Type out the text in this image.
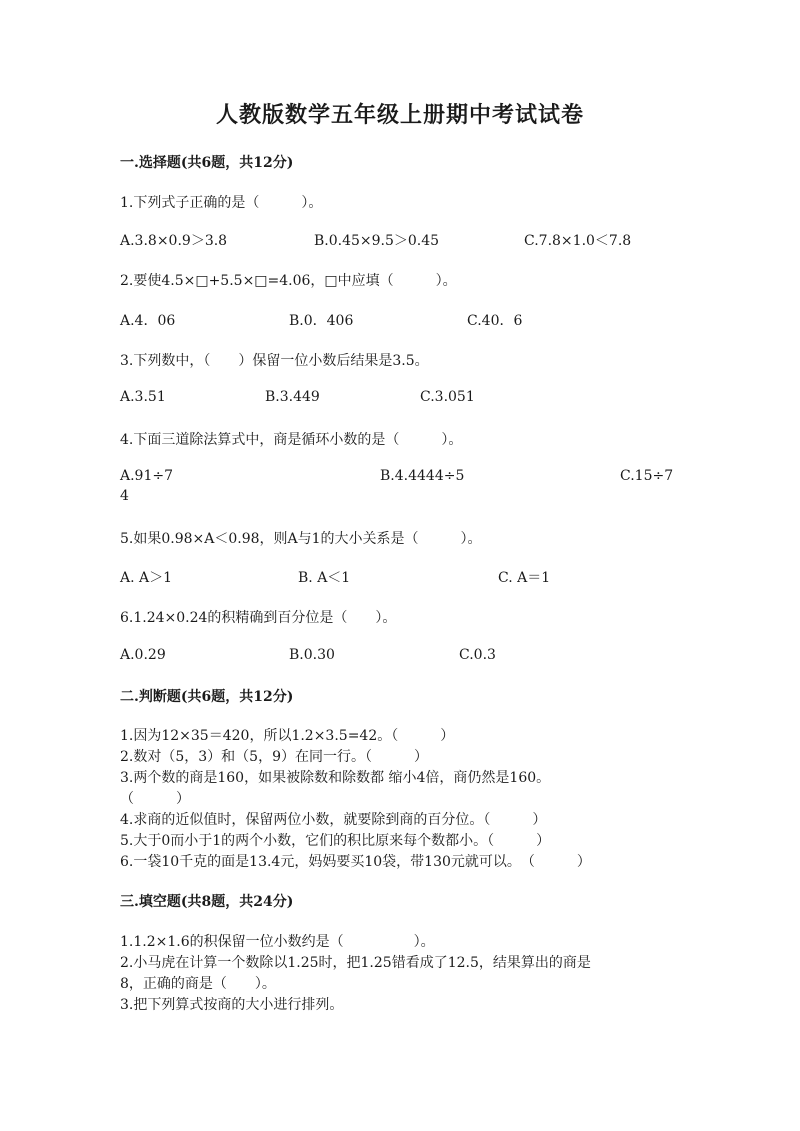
人教版数学五年级上册期中考试试卷
一.选择题(共6题，共12分)
1.下列式子正确的是（　　　）。
A.3.8×0.9＞3.8	B.0.45×9.5＞0.45	C.7.8×1.0＜7.8
2.要使4.5×□+5.5×□=4.06，□中应填（　　　）。
A.4．06	B.0．406	C.40．6
3.下列数中，（　　）保留一位小数后结果是3.5。
A.3.51	B.3.449	C.3.051
4.下面三道除法算式中，商是循环小数的是（　　　）。
A.91÷7	B.4.4444÷5	C.15÷7
4
5.如果0.98×A＜0.98，则A与1的大小关系是（　　　）。
A. A＞1	B. A＜1	C. A＝1
6.1.24×0.24的积精确到百分位是（　　）。
A.0.29	B.0.30	C.0.3
二.判断题(共6题，共12分)
1.因为12×35＝420，所以1.2×3.5=42。（　　　）
2.数对（5，3）和（5，9）在同一行。（　　　）
3.两个数的商是160，如果被除数和除数都 缩小4倍，商仍然是160。
（　　　）
4.求商的近似值时，保留两位小数，就要除到商的百分位。（　　　）
5.大于0而小于1的两个小数，它们的积比原来每个数都小。（　　　）
6.一袋10千克的面是13.4元，妈妈要买10袋，带130元就可以。　（　　　）
三.填空题(共8题，共24分)
1.1.2×1.6的积保留一位小数约是（　　　　　）。
2.小马虎在计算一个数除以1.25时，把1.25错看成了12.5，结果算出的商是
8，正确的商是（　　）。
3.把下列算式按商的大小进行排列。
